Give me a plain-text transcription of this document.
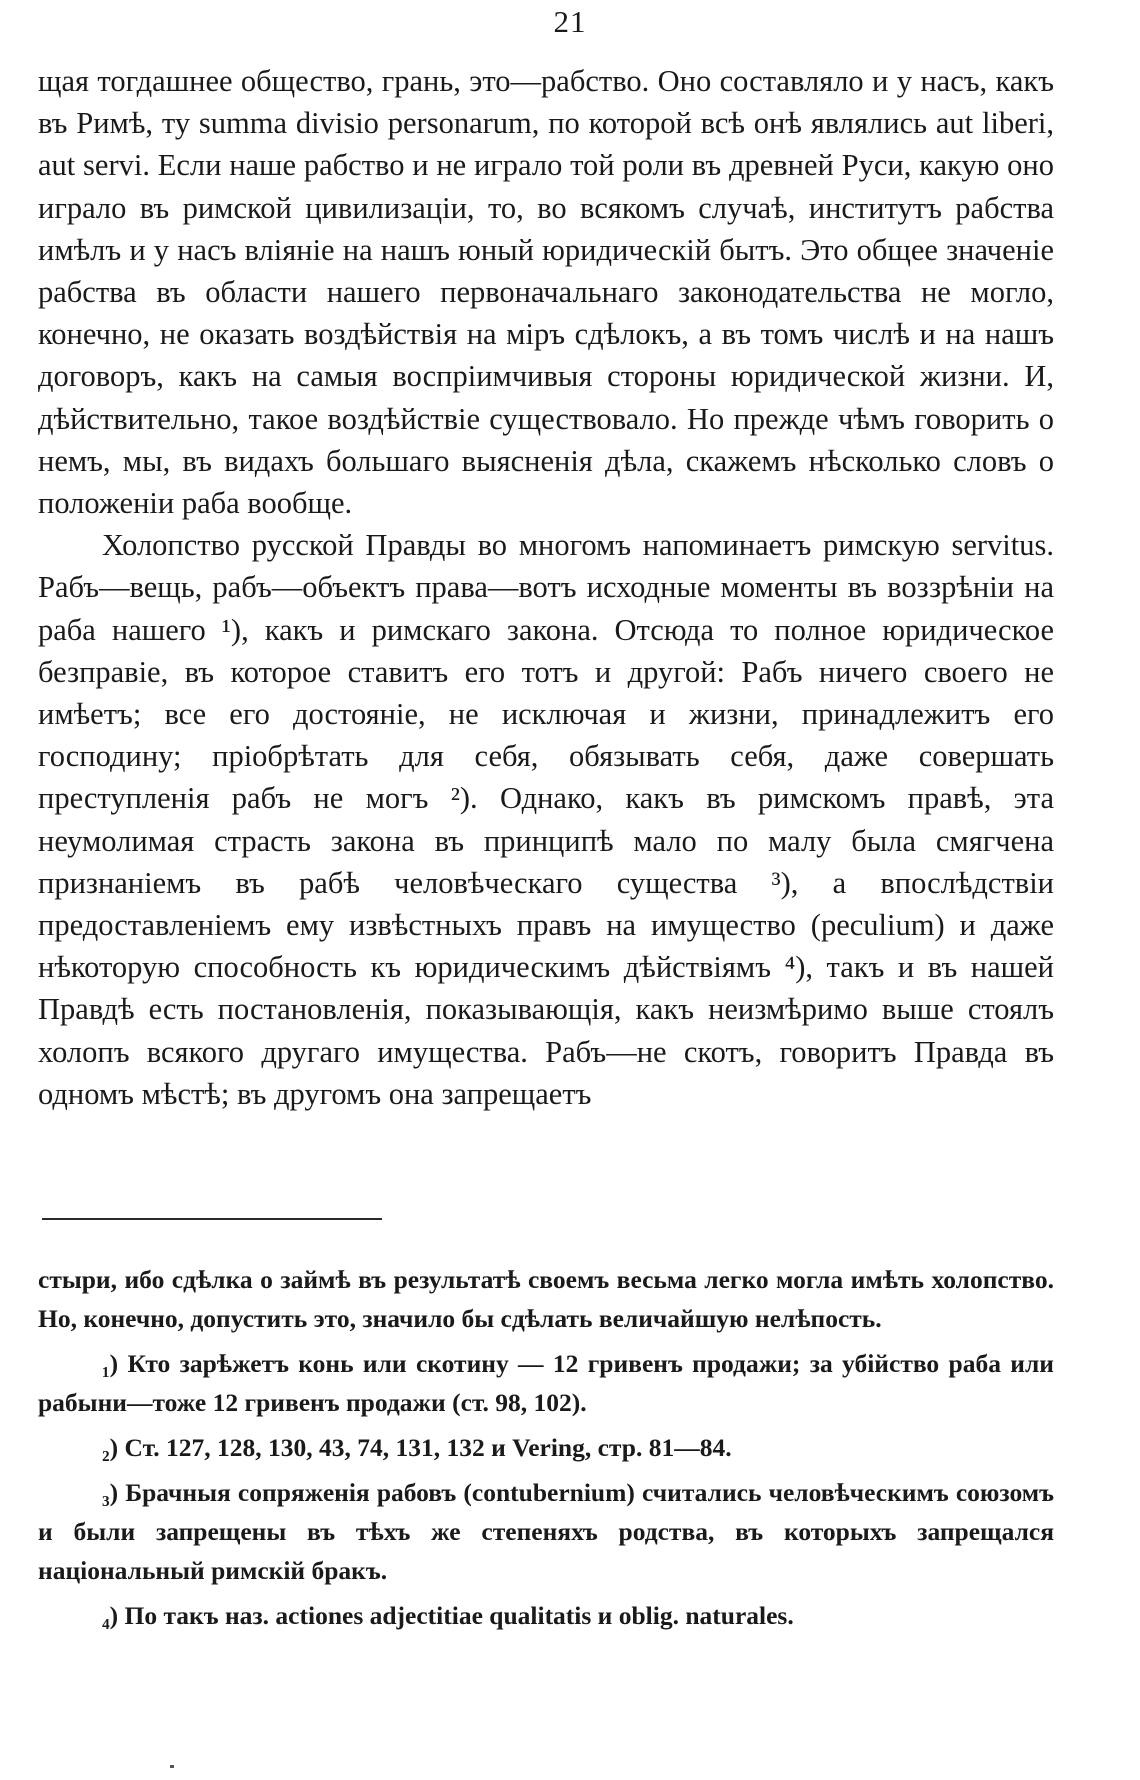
21

щая тогдашнее общество, грань, это—рабство. Оно составляло и у насъ, какъ въ Римѣ, ту summa divisio personarum, по которой всѣ онѣ являлись aut liberi, aut servi. Если наше рабство и не играло той роли въ древней Руси, какую оно играло въ римской цивилизаціи, то, во всякомъ случаѣ, институтъ рабства имѣлъ и у насъ вліяніе на нашъ юный юридическій бытъ. Это общее значеніе рабства въ области нашего первоначальнаго законодательства не могло, конечно, не оказать воздѣйствія на міръ сдѣлокъ, а въ томъ числѣ и на нашъ договоръ, какъ на самыя воспріимчивыя стороны юридической жизни. И, дѣйствительно, такое воздѣйствіе существовало. Но прежде чѣмъ говорить о немъ, мы, въ видахъ большаго выясненія дѣла, скажемъ нѣсколько словъ о положеніи раба вообще.

Холопство русской Правды во многомъ напоминаетъ римскую servitus. Рабъ—вещь, рабъ—объектъ права—вотъ исходные моменты въ воззрѣніи на раба нашего ¹), какъ и римскаго закона. Отсюда то полное юридическое безправіе, въ которое ставитъ его тотъ и другой: Рабъ ничего своего не имѣетъ; все его достояніе, не исключая и жизни, принадлежитъ его господину; пріобрѣтать для себя, обязывать себя, даже совершать преступленія рабъ не могъ ²). Однако, какъ въ римскомъ правѣ, эта неумолимая страсть закона въ принципѣ мало по малу была смягчена признаніемъ въ рабѣ человѣческаго существа ³), а впослѣдствіи предоставленіемъ ему извѣстныхъ правъ на имущество (peculium) и даже нѣкоторую способность къ юридическимъ дѣйствіямъ ⁴), такъ и въ нашей Правдѣ есть постановленія, показывающія, какъ неизмѣримо выше стоялъ холопъ всякого другаго имущества. Рабъ—не скотъ, говоритъ Правда въ одномъ мѣстѣ; въ другомъ она запрещаетъ

стыри, ибо сдѣлка о займѣ въ результатѣ своемъ весьма легко могла имѣть холопство. Но, конечно, допустить это, значило бы сдѣлать величайшую нелѣпость.

₁) Кто зарѣжетъ конь или скотину — 12 гривенъ продажи; за убійство раба или рабыни—тоже 12 гривенъ продажи (ст. 98, 102).

₂) Ст. 127, 128, 130, 43, 74, 131, 132 и Vering, стр. 81—84.

₃) Брачныя сопряженія рабовъ (contubernium) считались человѣческимъ союзомъ и были запрещены въ тѣхъ же степеняхъ родства, въ которыхъ запрещался національный римскій бракъ.

₄) По такъ наз. actiones adjectitiae qualitatis и oblig. naturales.
